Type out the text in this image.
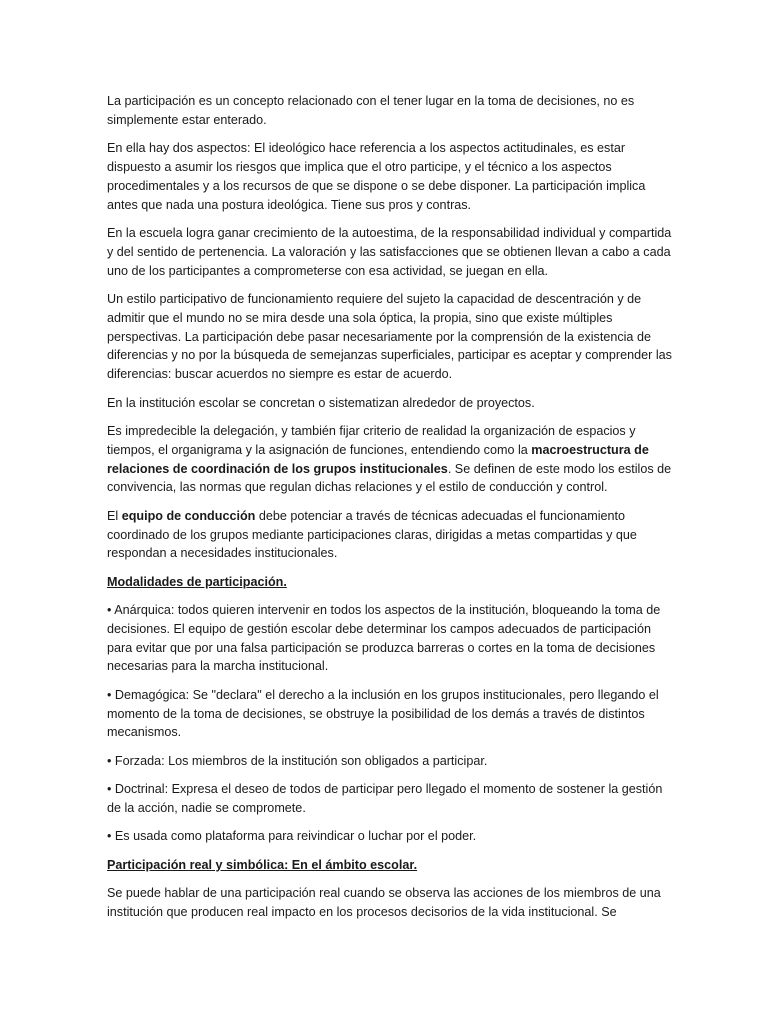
La participación es un concepto relacionado con el tener lugar en la toma de decisiones, no es simplemente estar enterado.

En ella hay dos aspectos: El ideológico hace referencia a los aspectos actitudinales, es estar dispuesto a asumir los riesgos que implica que el otro participe, y el técnico a los aspectos procedimentales y a los recursos de que se dispone o se debe disponer. La participación implica antes que nada una postura ideológica. Tiene sus pros y contras.

En la escuela logra ganar crecimiento de la autoestima, de la responsabilidad individual y compartida y del sentido de pertenencia. La valoración y las satisfacciones que se obtienen llevan a cabo a cada uno de los participantes a comprometerse con esa actividad, se juegan en ella.

Un estilo participativo de funcionamiento requiere del sujeto la capacidad de descentración y de admitir que el mundo no se mira desde una sola óptica, la propia, sino que existe múltiples perspectivas. La participación debe pasar necesariamente por la comprensión de la existencia de diferencias y no por la búsqueda de semejanzas superficiales, participar es aceptar y comprender las diferencias: buscar acuerdos no siempre es estar de acuerdo.

En la institución escolar se concretan o sistematizan alrededor de proyectos.

Es impredecible la delegación, y también fijar criterio de realidad la organización de espacios y tiempos, el organigrama y la asignación de funciones, entendiendo como la macroestructura de relaciones de coordinación de los grupos institucionales. Se definen de este modo los estilos de convivencia, las normas que regulan dichas relaciones y el estilo de conducción y control.

El equipo de conducción debe potenciar a través de técnicas adecuadas el funcionamiento coordinado de los grupos mediante participaciones claras, dirigidas a metas compartidas y que respondan a necesidades institucionales.

Modalidades de participación.

• Anárquica: todos quieren intervenir en todos los aspectos de la institución, bloqueando la toma de decisiones. El equipo de gestión escolar debe determinar los campos adecuados de participación para evitar que por una falsa participación se produzca barreras o cortes en la toma de decisiones necesarias para la marcha institucional.

• Demagógica: Se "declara" el derecho a la inclusión en los grupos institucionales, pero llegando el momento de la toma de decisiones, se obstruye la posibilidad de los demás a través de distintos mecanismos.

• Forzada: Los miembros de la institución son obligados a participar.

• Doctrinal: Expresa el deseo de todos de participar pero llegado el momento de sostener la gestión de la acción, nadie se compromete.

• Es usada como plataforma para reivindicar o luchar por el poder.

Participación real y simbólica: En el ámbito escolar.

Se puede hablar de una participación real cuando se observa las acciones de los miembros de una institución que producen real impacto en los procesos decisorios de la vida institucional. Se
